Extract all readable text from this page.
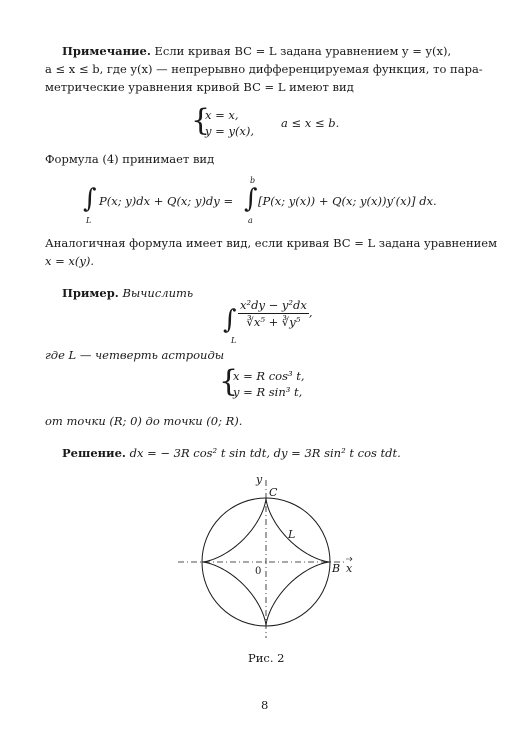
Примечание. Если кривая BC = L задана уравнением y = y(x),
a ≤ x ≤ b, где y(x) — непрерывно дифференцируемая функция, то пара-
метрические уравнения кривой BC = L имеют вид
{
x = x,
y = y(x),
a ≤ x ≤ b.
Формула (4) принимает вид
∫
L
P(x; y)dx + Q(x; y)dy =
b
∫
a
[P(x; y(x)) + Q(x; y(x))y′(x)] dx.
Аналогичная формула имеет вид, если кривая BC = L задана уравнением
x = x(y).
Пример. Вычислить
∫
L
$\frac{\text{x²dy − y²dx}}{\text{∛x⁵ + ∛y⁵}}$ ,
где L — четверть астроиды
{
x = R cos³ t,
y = R sin³ t,
от точки (R; 0) до точки (0; R).
Решение. dx = − 3R cos² t sin tdt, dy = 3R sin² t cos tdt.
y
C
L
0	B x
Рис. 2
8
